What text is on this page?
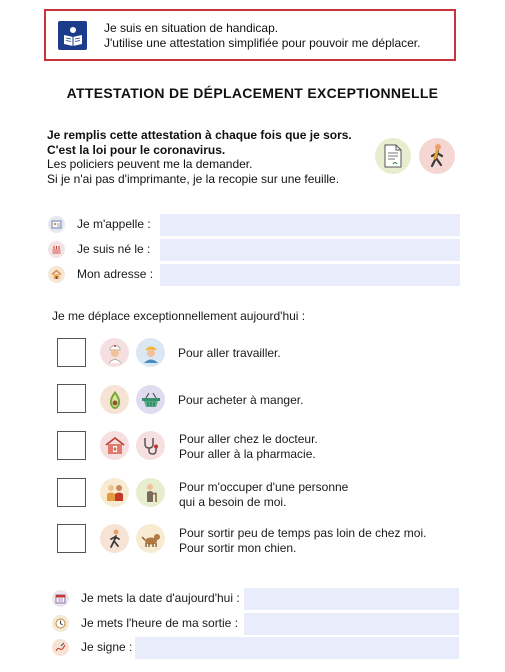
Je suis en situation de handicap.
J'utilise une attestation simplifiée pour pouvoir me déplacer.
ATTESTATION DE DÉPLACEMENT EXCEPTIONNELLE
Je remplis cette attestation à chaque fois que je sors.
C'est la loi pour le coronavirus.
Les policiers peuvent me la demander.
Si je n'ai pas d'imprimante, je la recopie sur une feuille.
Je m'appelle :
Je suis né le :
Mon adresse :
Je me déplace exceptionnellement aujourd'hui :
Pour aller travailler.
Pour acheter à manger.
Pour aller chez le docteur.
Pour aller à la pharmacie.
Pour m'occuper d'une personne
qui a besoin de moi.
Pour sortir peu de temps pas loin de chez moi.
Pour sortir mon chien.
Je mets la date d'aujourd'hui :
Je mets l'heure de ma sortie :
Je signe :
